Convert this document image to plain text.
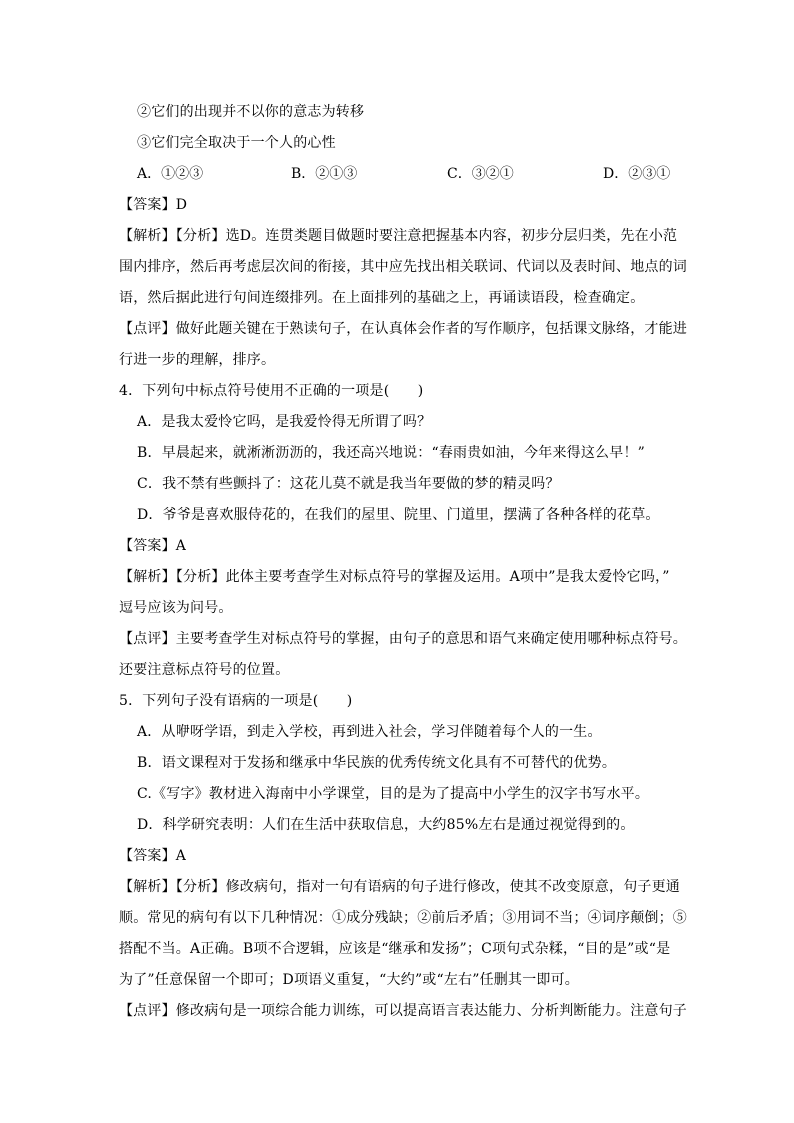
②它们的出现并不以你的意志为转移
③它们完全取决于一个人的心性
A．①②③	B．②①③	C．③②①	D．②③①
【答案】D
【解析】【分析】选D。连贯类题目做题时要注意把握基本内容，初步分层归类，先在小范
围内排序，然后再考虑层次间的衔接，其中应先找出相关联词、代词以及表时间、地点的词
语，然后据此进行句间连缀排列。在上面排列的基础之上，再诵读语段，检查确定。
【点评】做好此题关键在于熟读句子，在认真体会作者的写作顺序，包括课文脉络，才能进
行进一步的理解，排序。
4．下列句中标点符号使用不正确的一项是(　　)
A．是我太爱怜它吗，是我爱怜得无所谓了吗？
B．早晨起来，就淅淅沥沥的，我还高兴地说：“春雨贵如油，今年来得这么早！”
C．我不禁有些颤抖了：这花儿莫不就是我当年要做的梦的精灵吗？
D．爷爷是喜欢服侍花的，在我们的屋里、院里、门道里，摆满了各种各样的花草。
【答案】A
【解析】【分析】此体主要考查学生对标点符号的掌握及运用。A项中”是我太爱怜它吗，”
逗号应该为问号。
【点评】主要考查学生对标点符号的掌握，由句子的意思和语气来确定使用哪种标点符号。
还要注意标点符号的位置。
5．下列句子没有语病的一项是(　　)
A．从咿呀学语，到走入学校，再到进入社会，学习伴随着每个人的一生。
B．语文课程对于发扬和继承中华民族的优秀传统文化具有不可替代的优势。
C.《写字》教材进入海南中小学课堂，目的是为了提高中小学生的汉字书写水平。
D．科学研究表明：人们在生活中获取信息，大约85%左右是通过视觉得到的。
【答案】A
【解析】【分析】修改病句，指对一句有语病的句子进行修改，使其不改变原意，句子更通
顺。常见的病句有以下几种情况：①成分残缺；②前后矛盾；③用词不当；④词序颠倒；⑤
搭配不当。A正确。B项不合逻辑，应该是“继承和发扬”；C项句式杂糅，“目的是”或“是
为了”任意保留一个即可；D项语义重复，“大约”或“左右”任删其一即可。
【点评】修改病句是一项综合能力训练，可以提高语言表达能力、分析判断能力。注意句子
